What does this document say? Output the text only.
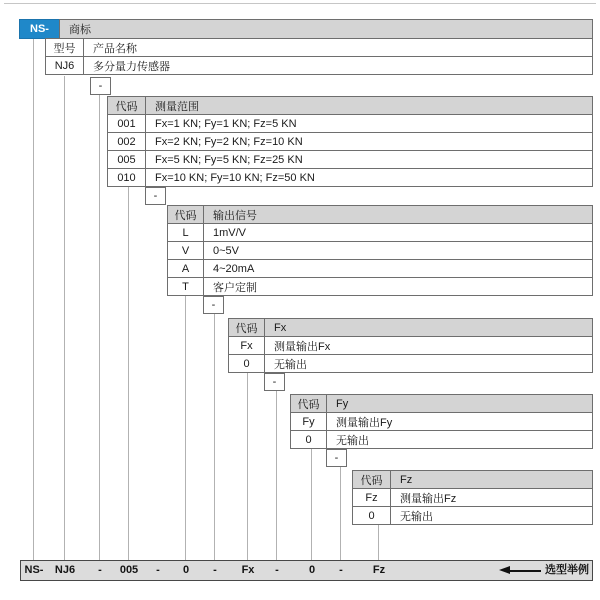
NS-	商标
型号	产品名称
NJ6	多分量力传感器
代码	测量范围
001	Fx=1 KN; Fy=1 KN; Fz=5 KN
002	Fx=2 KN; Fy=2 KN; Fz=10 KN
005	Fx=5 KN; Fy=5 KN; Fz=25 KN
010	Fx=10 KN; Fy=10 KN; Fz=50 KN
代码	输出信号
L	1mV/V
V	0~5V
A	4~20mA
T	客户定制
代码	Fx
Fx	测量输出Fx
0	无输出
代码	Fy
Fy	测量输出Fy
0	无输出
代码	Fz
Fz	测量输出Fz
0	无输出
-
-
-
-
-
选型举例
NS- NJ6 - 005 - 0 - Fx -	0 -	Fz
